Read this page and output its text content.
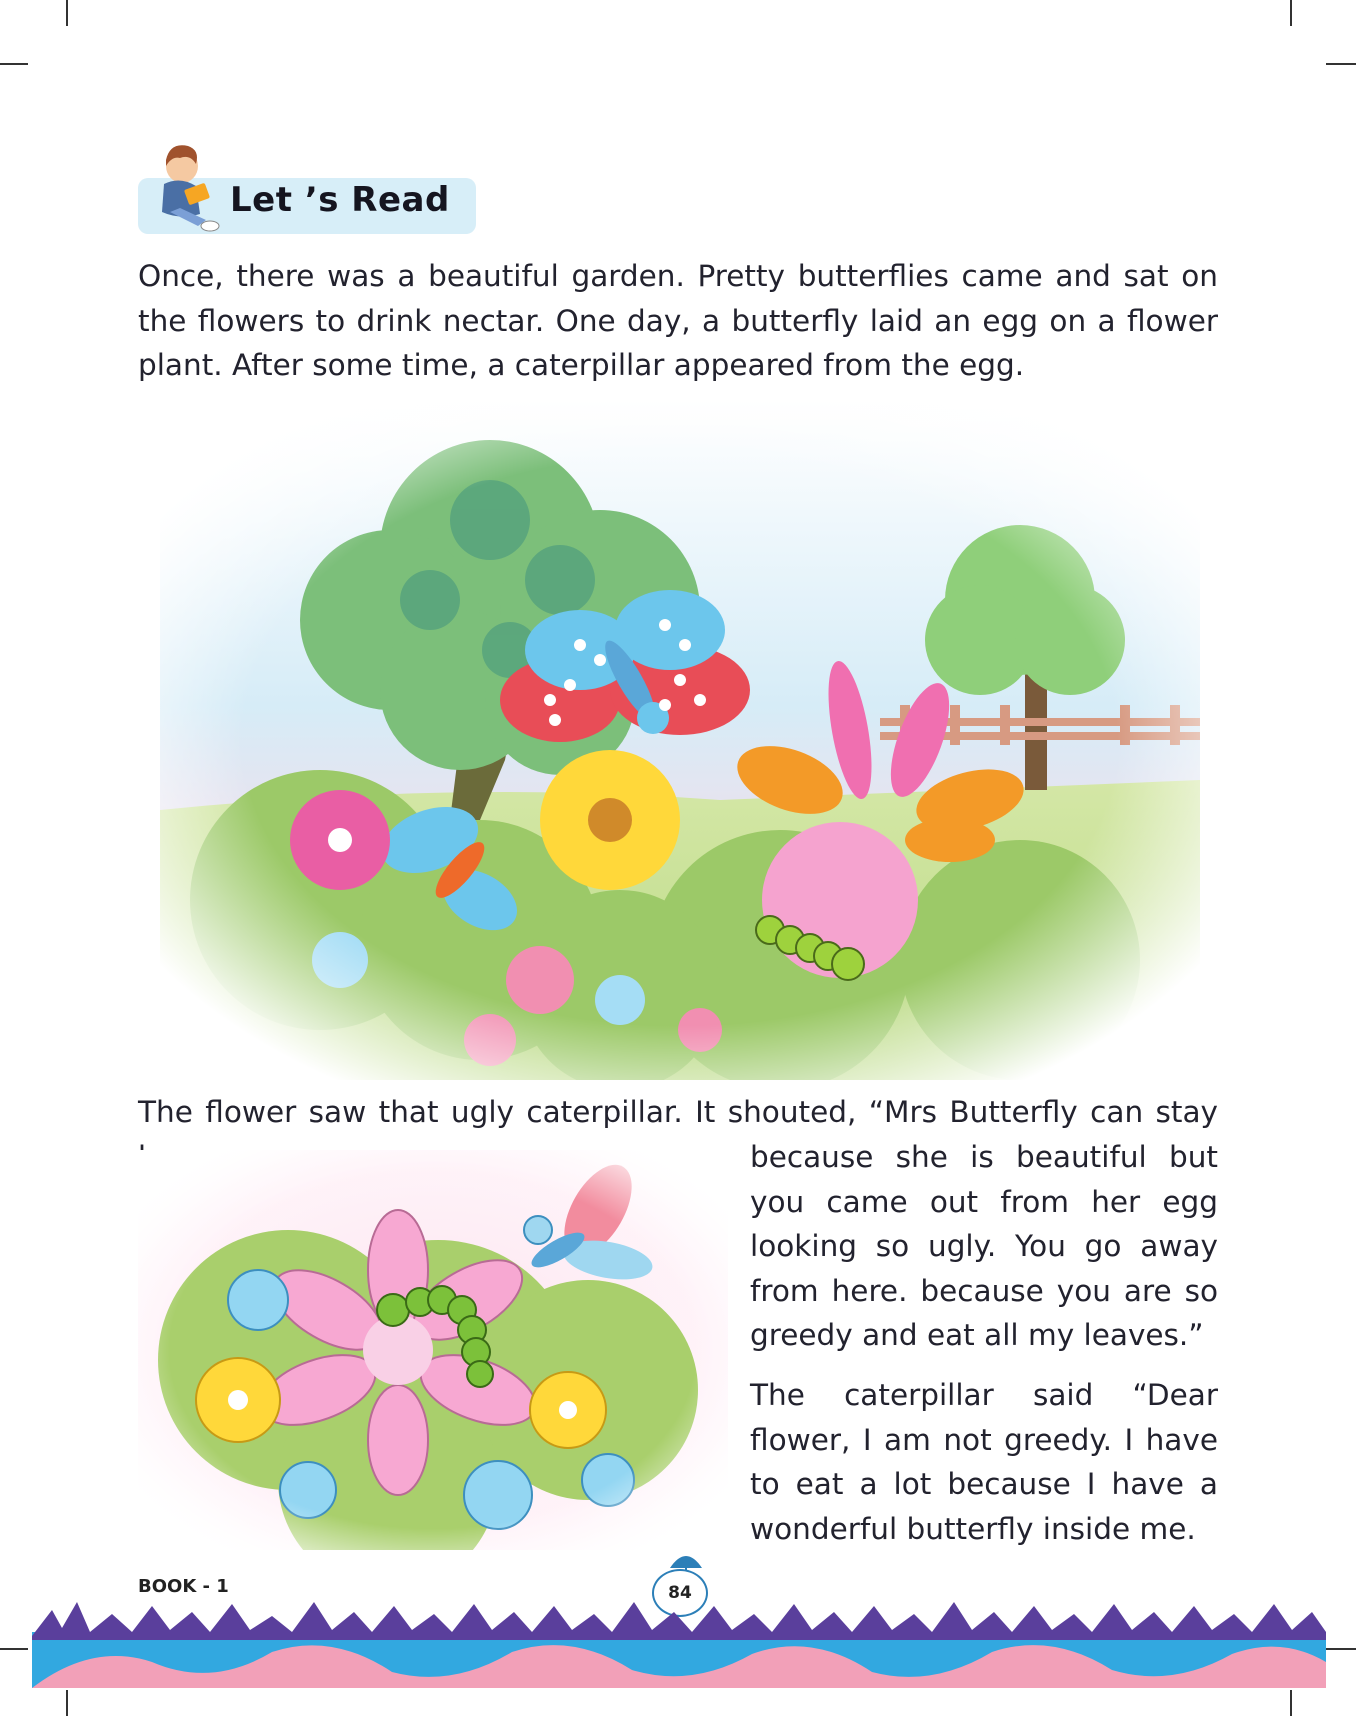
Let ’s Read

Once, there was a beautiful garden. Pretty butterflies came and sat on the flowers to drink nectar. One day, a butterfly laid an egg on a flower plant. After some time, a caterpillar appeared from the egg.

The flower saw that ugly caterpillar. It shouted, “Mrs Butterfly can stay

because she is beautiful but you came out from her egg looking so ugly. You go away from here. because you are so greedy and eat all my leaves.”

The caterpillar said “Dear flower, I am not greedy. I have to eat a lot because I have a wonderful butterfly inside me.

BOOK - 1	84
